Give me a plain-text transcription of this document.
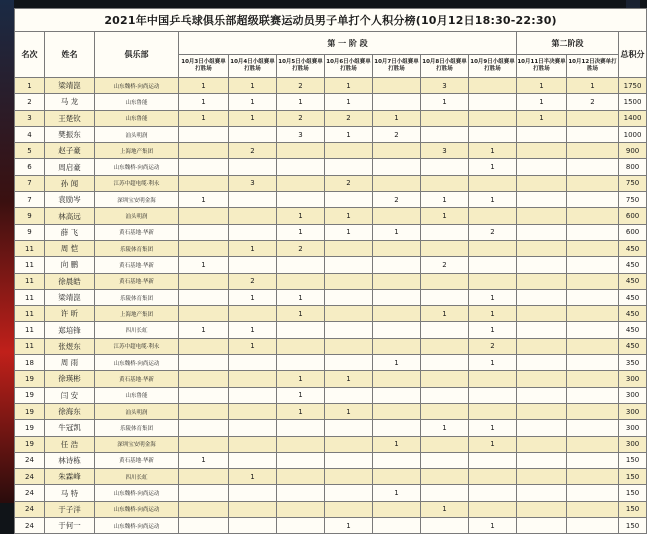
2021年中国乒乓球俱乐部超级联赛运动员男子单打个人积分榜(10月12日18:30-22:30)												
名次	姓名	俱乐部	第 一 阶 段							第二阶段		总积分
			10月3日小组赛单打胜场	10月4日小组赛单打胜场	10月5日小组赛单打胜场	10月6日小组赛单打胜场	10月7日小组赛单打胜场	10月8日小组赛单打胜场	10月9日小组赛单打胜场	10月11日半决赛单打胜场	10月12日决赛单打胜场	
1	梁靖崑	山东魏桥·向尚运动	1	1	2	1		3		1	1	1750
2	马 龙	山东鲁能	1	1	1	1		1		1	2	1500
3	王楚钦	山东鲁能	1	1	2	2	1			1		1400
4	樊振东	汕头明润			3	1	2					1000
5	赵子豪	上海地产集团		2				3	1			900
6	周启豪	山东魏桥·向尚运动							1			800
7	孙 闻	江苏中超电缆·利永		3		2						750
7	袁励岑	深圳宝安明金海	1				2	1	1			750
9	林高远	汕头明润			1	1		1				600
9	薛 飞	黄石基地·华新			1	1	1		2			600
11	周 恺	乐陵体育集团		1	2							450
11	向 鹏	黄石基地·华新	1					2				450
11	徐晨皓	黄石基地·华新		2								450
11	梁靖崑	乐陵体育集团		1	1				1			450
11	许 昕	上海地产集团			1			1	1			450
11	郑培锋	四川长虹	1	1					1			450
11	张煜东	江苏中超电缆·利永		1					2			450
18	周 雨	山东魏桥·向尚运动					1		1			350
19	徐瑛彬	黄石基地·华新			1	1						300
19	闫 安	山东鲁能			1							300
19	徐海东	汕头明润			1	1						300
19	牛冠凯	乐陵体育集团						1	1			300
19	任 浩	深圳宝安明金海					1		1			300
24	林诗栋	黄石基地·华新	1									150
24	朱霖峰	四川长虹		1								150
24	马 特	山东魏桥·向尚运动					1					150
24	于子洋	山东魏桥·向尚运动						1				150
24	于何一	山东魏桥·向尚运动				1			1			150
